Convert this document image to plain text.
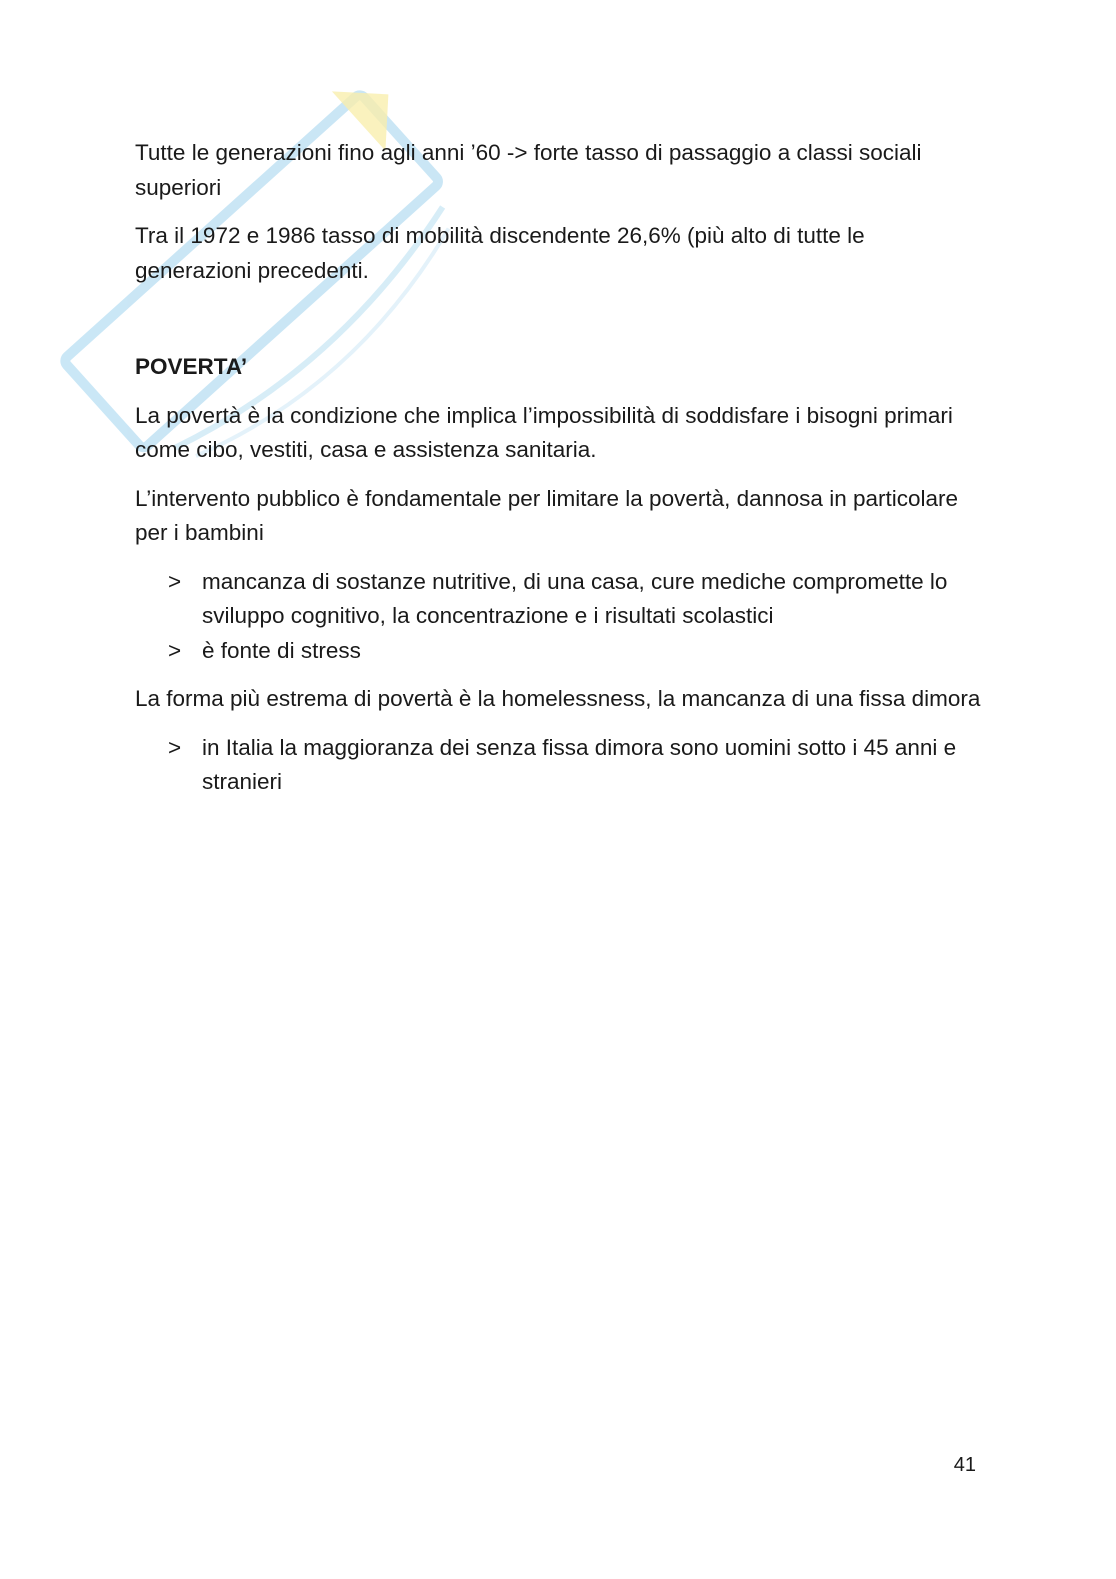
Tutte le generazioni fino agli anni ’60 -> forte tasso di passaggio a classi sociali superiori

Tra il 1972 e 1986 tasso di mobilità discendente 26,6% (più alto di tutte le generazioni precedenti.

POVERTA’

La povertà è la condizione che implica l’impossibilità di soddisfare i bisogni primari come cibo, vestiti, casa e assistenza sanitaria.

L’intervento pubblico è fondamentale per limitare la povertà, dannosa in particolare per i bambini

> mancanza di sostanze nutritive, di una casa, cure mediche compromette lo sviluppo cognitivo, la concentrazione e i risultati scolastici
> è fonte di stress

La forma più estrema di povertà è la homelessness, la mancanza di una fissa dimora

> in Italia la maggioranza dei senza fissa dimora sono uomini sotto i 45 anni e stranieri
41
